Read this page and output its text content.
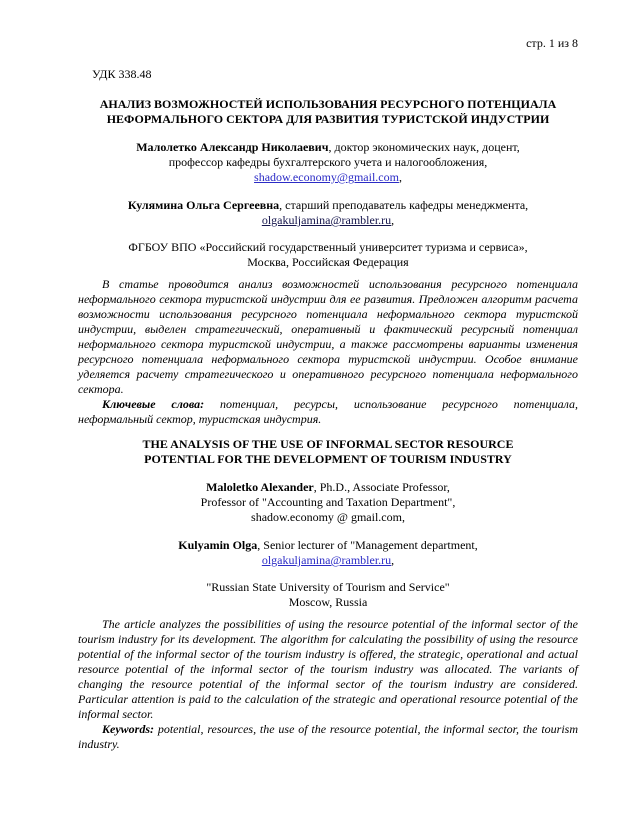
стр. 1 из 8

УДК 338.48

АНАЛИЗ ВОЗМОЖНОСТЕЙ ИСПОЛЬЗОВАНИЯ РЕСУРСНОГО ПОТЕНЦИАЛА НЕФОРМАЛЬНОГО СЕКТОРА ДЛЯ РАЗВИТИЯ ТУРИСТСКОЙ ИНДУСТРИИ

Малолетко Александр Николаевич, доктор экономических наук, доцент,
профессор кафедры бухгалтерского учета и налогообложения,
shadow.economy@gmail.com,

Кулямина Ольга Сергеевна, старший преподаватель кафедры менеджмента,
olgakuljamina@rambler.ru,

ФГБОУ ВПО «Российский государственный университет туризма и сервиса»,
Москва, Российская Федерация

В статье проводится анализ возможностей использования ресурсного потенциала неформального сектора туристской индустрии для ее развития. Предложен алгоритм расчета возможности использования ресурсного потенциала неформального сектора туристской индустрии, выделен стратегический, оперативный и фактический ресурсный потенциал неформального сектора туристской индустрии, а также рассмотрены варианты изменения ресурсного потенциала неформального сектора туристской индустрии. Особое внимание уделяется расчету стратегического и оперативного ресурсного потенциала неформального сектора.

Ключевые слова: потенциал, ресурсы, использование ресурсного потенциала, неформальный сектор, туристская индустрия.

THE ANALYSIS OF THE USE OF INFORMAL SECTOR RESOURCE POTENTIAL FOR THE DEVELOPMENT OF TOURISM INDUSTRY

Maloletko Alexander, Ph.D., Associate Professor,
Professor of "Accounting and Taxation Department",
shadow.economy @ gmail.com,

Kulyamin Olga, Senior lecturer of "Management department,
olgakuljamina@rambler.ru,

"Russian State University of Tourism and Service"
Moscow, Russia

The article analyzes the possibilities of using the resource potential of the informal sector of the tourism industry for its development. The algorithm for calculating the possibility of using the resource potential of the informal sector of the tourism industry is offered, the strategic, operational and actual resource potential of the informal sector of the tourism industry was allocated. The variants of changing the resource potential of the informal sector of the tourism industry are considered. Particular attention is paid to the calculation of the strategic and operational resource potential of the informal sector.

Keywords: potential, resources, the use of the resource potential, the informal sector, the tourism industry.
